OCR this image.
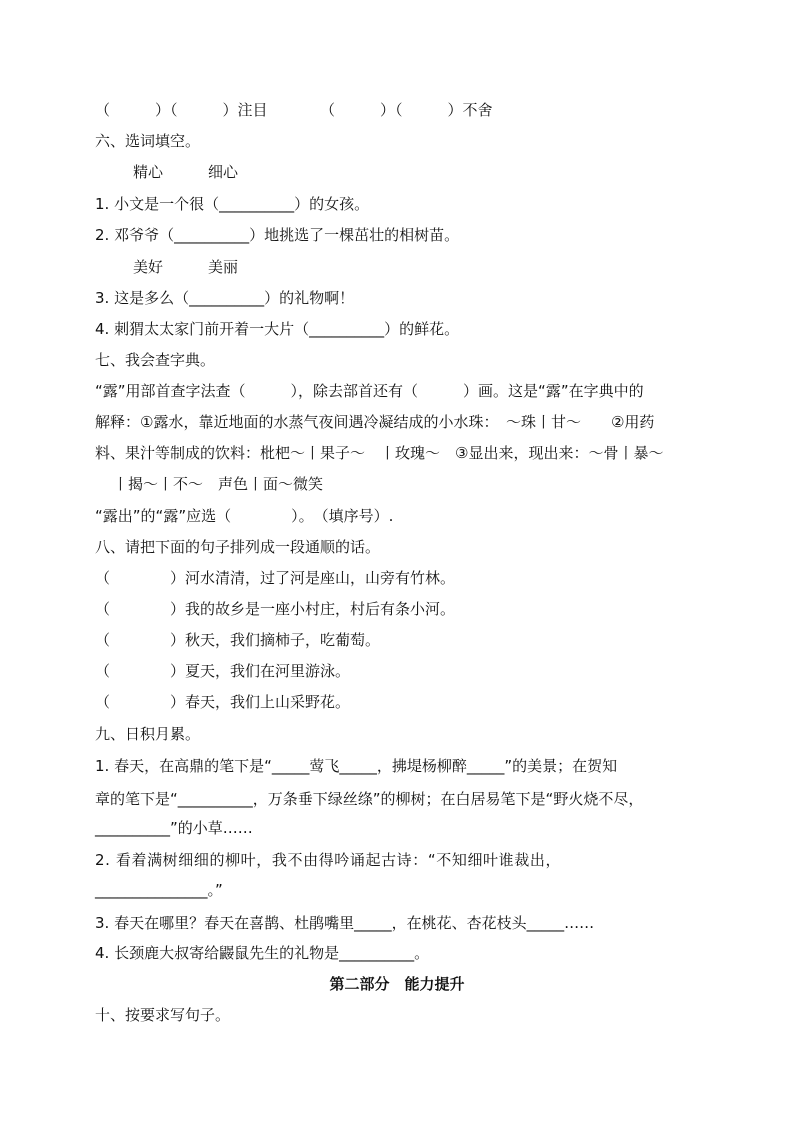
（　　　）（　　　）注目　　　　（　　　）（　　　）不舍
六、选词填空。
精心　　　细心
1. 小文是一个很（__________）的女孩。
2. 邓爷爷（__________）地挑选了一棵茁壮的相树苗。
美好　　　美丽
3. 这是多么（__________）的礼物啊！
4. 刺猬太太家门前开着一大片（__________）的鲜花。
七、我会查字典。
“露”用部首查字法查（　　　），除去部首还有（　　　）画。这是“露”在字典中的
解释：①露水，靠近地面的水蒸气夜间遇冷凝结成的小水珠：　～珠丨甘～　　②用药
料、果汁等制成的饮料：枇杷～丨果子～　丨玫瑰～　③显出来，现出来：～骨丨暴～
丨揭～丨不～　声色丨面～微笑
“露出”的“露”应选（　　　　）。　（填序号）.
八、请把下面的句子排列成一段通顺的话。
（　　　　）河水清清，过了河是座山，山旁有竹林。
（　　　　）我的故乡是一座小村庄，村后有条小河。
（　　　　）秋天，我们摘柿子，吃葡萄。
（　　　　）夏天，我们在河里游泳。
（　　　　）春天，我们上山采野花。
九、日积月累。
1. 春天，在高鼎的笔下是“_____莺飞_____，拂堤杨柳醉_____”的美景；在贺知
章的笔下是“__________，万条垂下绿丝绦”的柳树；在白居易笔下是“野火烧不尽，
__________”的小草……
2. 看着满树细细的柳叶，我不由得吟诵起古诗：“不知细叶谁裁出，
_______________。”
3. 春天在哪里？春天在喜鹊、杜鹃嘴里_____，在桃花、杏花枝头_____……
4. 长颈鹿大叔寄给鼹鼠先生的礼物是__________。
第二部分　能力提升
十、按要求写句子。
